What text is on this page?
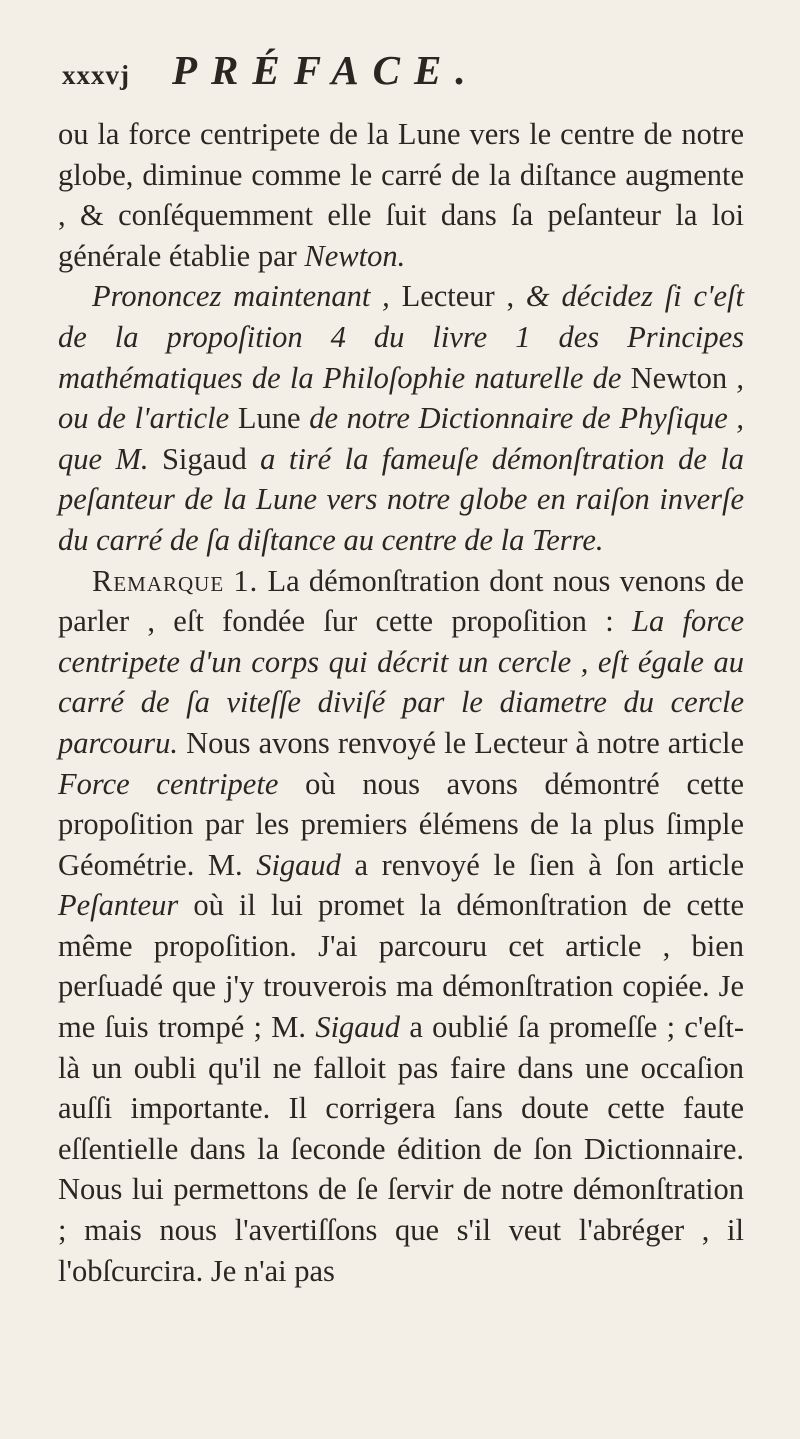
xxxvj PRÉFACE.

ou la force centripete de la Lune vers le centre de notre globe, diminue comme le carré de la diſtance augmente , & conſéquemment elle ſuit dans ſa peſanteur la loi générale établie par Newton.

Prononcez maintenant , Lecteur , & décidez ſi c'eſt de la propoſition 4 du livre 1 des Principes mathématiques de la Philoſophie naturelle de Newton , ou de l'article Lune de notre Dictionnaire de Phyſique , que M. Sigaud a tiré la fameuſe démonſtration de la peſanteur de la Lune vers notre globe en raiſon inverſe du carré de ſa diſtance au centre de la Terre.

Remarque 1. La démonſtration dont nous venons de parler , eſt fondée ſur cette propoſition : La force centripete d'un corps qui décrit un cercle , eſt égale au carré de ſa viteſſe diviſé par le diametre du cercle parcouru. Nous avons renvoyé le Lecteur à notre article Force centripete où nous avons démontré cette propoſition par les premiers élémens de la plus ſimple Géométrie. M. Sigaud a renvoyé le ſien à ſon article Peſanteur où il lui promet la démonſtration de cette même propoſition. J'ai parcouru cet article , bien perſuadé que j'y trouverois ma démonſtration copiée. Je me ſuis trompé ; M. Sigaud a oublié ſa promeſſe ; c'eſt-là un oubli qu'il ne falloit pas faire dans une occaſion auſſi importante. Il corrigera ſans doute cette faute eſſentielle dans la ſeconde édition de ſon Dictionnaire. Nous lui permettons de ſe ſervir de notre démonſtration ; mais nous l'avertiſſons que s'il veut l'abréger , il l'obſcurcira. Je n'ai pas
